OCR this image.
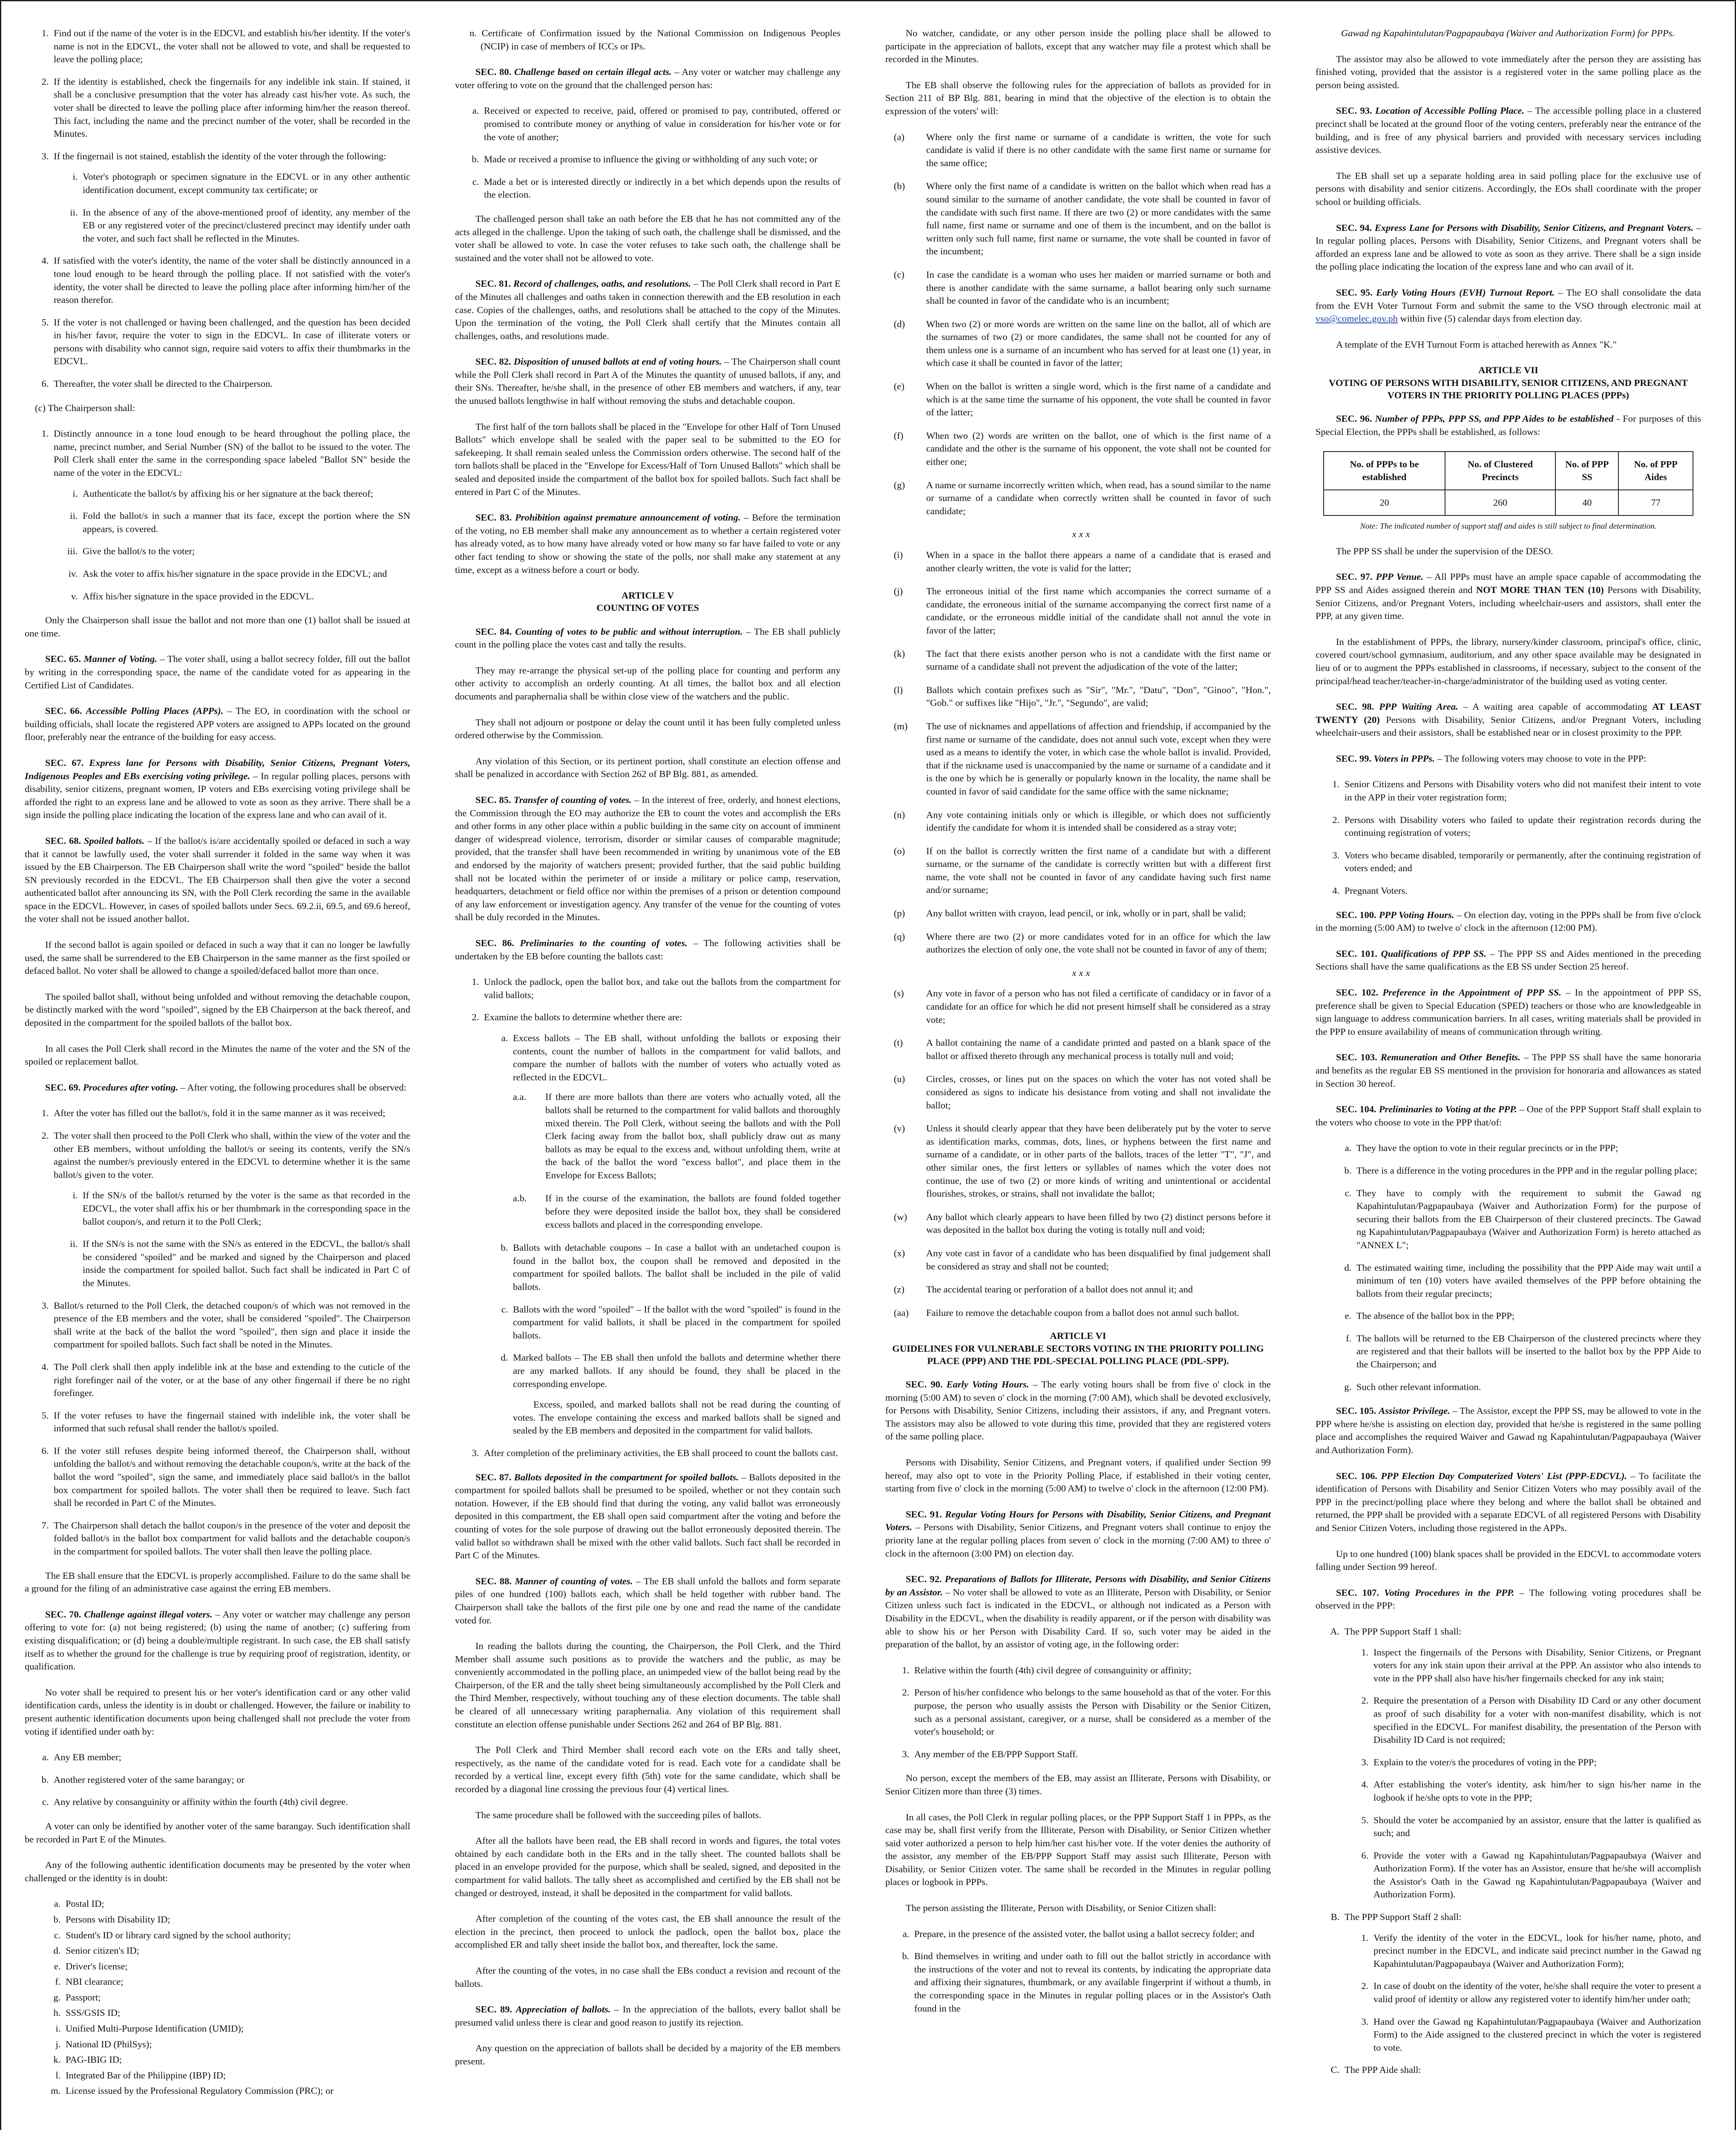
1. Find out if the name of the voter is in the EDCVL and establish his/her identity. If the voter's name is not in the EDCVL, the voter shall not be allowed to vote, and shall be requested to leave the polling place;
2. If the identity is established, check the fingernails for any indelible ink stain. If stained, it shall be a conclusive presumption that the voter has already cast his/her vote. As such, the voter shall be directed to leave the polling place after informing him/her the reason thereof. This fact, including the name and the precinct number of the voter, shall be recorded in the Minutes.
3. If the fingernail is not stained, establish the identity of the voter through the following:
i. Voter's photograph or specimen signature in the EDCVL or in any other authentic identification document, except community tax certificate; or
ii. In the absence of any of the above-mentioned proof of identity, any member of the EB or any registered voter of the precinct/clustered precinct may identify under oath the voter, and such fact shall be reflected in the Minutes.
4. If satisfied with the voter's identity, the name of the voter shall be distinctly announced in a tone loud enough to be heard through the polling place. If not satisfied with the voter's identity, the voter shall be directed to leave the polling place after informing him/her of the reason therefor.
5. If the voter is not challenged or having been challenged, and the question has been decided in his/her favor, require the voter to sign in the EDCVL. In case of illiterate voters or persons with disability who cannot sign, require said voters to affix their thumbmarks in the EDCVL.
6. Thereafter, the voter shall be directed to the Chairperson.

(c) The Chairperson shall:

1. Distinctly announce in a tone loud enough to be heard throughout the polling place, the name, precinct number, and Serial Number (SN) of the ballot to be issued to the voter. The Poll Clerk shall enter the same in the corresponding space labeled "Ballot SN" beside the name of the voter in the EDCVL:
i. Authenticate the ballot/s by affixing his or her signature at the back thereof;
ii. Fold the ballot/s in such a manner that its face, except the portion where the SN appears, is covered.
iii. Give the ballot/s to the voter;
iv. Ask the voter to affix his/her signature in the space provide in the EDCVL; and
v. Affix his/her signature in the space provided in the EDCVL.

Only the Chairperson shall issue the ballot and not more than one (1) ballot shall be issued at one time.

SEC. 65. Manner of Voting. – The voter shall, using a ballot secrecy folder, fill out the ballot by writing in the corresponding space, the name of the candidate voted for as appearing in the Certified List of Candidates.

SEC. 66. Accessible Polling Places (APPs). – The EO, in coordination with the school or building officials, shall locate the registered APP voters are assigned to APPs located on the ground floor, preferably near the entrance of the building for easy access.

SEC. 67. Express lane for Persons with Disability, Senior Citizens, Pregnant Voters, Indigenous Peoples and EBs exercising voting privilege. – In regular polling places, persons with disability, senior citizens, pregnant women, IP voters and EBs exercising voting privilege shall be afforded the right to an express lane and be allowed to vote as soon as they arrive. There shall be a sign inside the polling place indicating the location of the express lane and who can avail of it.

SEC. 68. Spoiled ballots. – If the ballot/s is/are accidentally spoiled or defaced in such a way that it cannot be lawfully used, the voter shall surrender it folded in the same way when it was issued by the EB Chairperson. The EB Chairperson shall write the word "spoiled" beside the ballot SN previously recorded in the EDCVL. The EB Chairperson shall then give the voter a second authenticated ballot after announcing its SN, with the Poll Clerk recording the same in the available space in the EDCVL. However, in cases of spoiled ballots under Secs. 69.2.ii, 69.5, and 69.6 hereof, the voter shall not be issued another ballot.

If the second ballot is again spoiled or defaced in such a way that it can no longer be lawfully used, the same shall be surrendered to the EB Chairperson in the same manner as the first spoiled or defaced ballot. No voter shall be allowed to change a spoiled/defaced ballot more than once.

The spoiled ballot shall, without being unfolded and without removing the detachable coupon, be distinctly marked with the word "spoiled", signed by the EB Chairperson at the back thereof, and deposited in the compartment for the spoiled ballots of the ballot box.

In all cases the Poll Clerk shall record in the Minutes the name of the voter and the SN of the spoiled or replacement ballot.

SEC. 69. Procedures after voting. – After voting, the following procedures shall be observed:

1. After the voter has filled out the ballot/s, fold it in the same manner as it was received;
2. The voter shall then proceed to the Poll Clerk who shall, within the view of the voter and the other EB members, without unfolding the ballot/s or seeing its contents, verify the SN/s against the number/s previously entered in the EDCVL to determine whether it is the same ballot/s given to the voter.
i. If the SN/s of the ballot/s returned by the voter is the same as that recorded in the EDCVL, the voter shall affix his or her thumbmark in the corresponding space in the ballot coupon/s, and return it to the Poll Clerk;
ii. If the SN/s is not the same with the SN/s as entered in the EDCVL, the ballot/s shall be considered "spoiled" and be marked and signed by the Chairperson and placed inside the compartment for spoiled ballot. Such fact shall be indicated in Part C of the Minutes.
3. Ballot/s returned to the Poll Clerk, the detached coupon/s of which was not removed in the presence of the EB members and the voter, shall be considered "spoiled". The Chairperson shall write at the back of the ballot the word "spoiled", then sign and place it inside the compartment for spoiled ballots. Such fact shall be noted in the Minutes.
4. The Poll clerk shall then apply indelible ink at the base and extending to the cuticle of the right forefinger nail of the voter, or at the base of any other fingernail if there be no right forefinger.
5. If the voter refuses to have the fingernail stained with indelible ink, the voter shall be informed that such refusal shall render the ballot/s spoiled.
6. If the voter still refuses despite being informed thereof, the Chairperson shall, without unfolding the ballot/s and without removing the detachable coupon/s, write at the back of the ballot the word "spoiled", sign the same, and immediately place said ballot/s in the ballot box compartment for spoiled ballots. The voter shall then be required to leave. Such fact shall be recorded in Part C of the Minutes.
7. The Chairperson shall detach the ballot coupon/s in the presence of the voter and deposit the folded ballot/s in the ballot box compartment for valid ballots and the detachable coupon/s in the compartment for spoiled ballots. The voter shall then leave the polling place.

The EB shall ensure that the EDCVL is properly accomplished. Failure to do the same shall be a ground for the filing of an administrative case against the erring EB members.

SEC. 70. Challenge against illegal voters. – Any voter or watcher may challenge any person offering to vote for: (a) not being registered; (b) using the name of another; (c) suffering from existing disqualification; or (d) being a double/multiple registrant. In such case, the EB shall satisfy itself as to whether the ground for the challenge is true by requiring proof of registration, identity, or qualification.

No voter shall be required to present his or her voter's identification card or any other valid identification cards, unless the identity is in doubt or challenged. However, the failure or inability to present authentic identification documents upon being challenged shall not preclude the voter from voting if identified under oath by:

a. Any EB member;
b. Another registered voter of the same barangay; or
c. Any relative by consanguinity or affinity within the fourth (4th) civil degree.

A voter can only be identified by another voter of the same barangay. Such identification shall be recorded in Part E of the Minutes.

Any of the following authentic identification documents may be presented by the voter when challenged or the identity is in doubt:

a. Postal ID;
b. Persons with Disability ID;
c. Student's ID or library card signed by the school authority;
d. Senior citizen's ID;
e. Driver's license;
f. NBI clearance;
g. Passport;
h. SSS/GSIS ID;
i. Unified Multi-Purpose Identification (UMID);
j. National ID (PhilSys);
k. PAG-IBIG ID;
l. Integrated Bar of the Philippine (IBP) ID;
m. License issued by the Professional Regulatory Commission (PRC); or

n. Certificate of Confirmation issued by the National Commission on Indigenous Peoples (NCIP) in case of members of ICCs or IPs.

SEC. 80. Challenge based on certain illegal acts. – Any voter or watcher may challenge any voter offering to vote on the ground that the challenged person has:

a. Received or expected to receive, paid, offered or promised to pay, contributed, offered or promised to contribute money or anything of value in consideration for his/her vote or for the vote of another;
b. Made or received a promise to influence the giving or withholding of any such vote; or
c. Made a bet or is interested directly or indirectly in a bet which depends upon the results of the election.

The challenged person shall take an oath before the EB that he has not committed any of the acts alleged in the challenge. Upon the taking of such oath, the challenge shall be dismissed, and the voter shall be allowed to vote. In case the voter refuses to take such oath, the challenge shall be sustained and the voter shall not be allowed to vote.

SEC. 81. Record of challenges, oaths, and resolutions. – The Poll Clerk shall record in Part E of the Minutes all challenges and oaths taken in connection therewith and the EB resolution in each case. Copies of the challenges, oaths, and resolutions shall be attached to the copy of the Minutes. Upon the termination of the voting, the Poll Clerk shall certify that the Minutes contain all challenges, oaths, and resolutions made.

SEC. 82. Disposition of unused ballots at end of voting hours. – The Chairperson shall count while the Poll Clerk shall record in Part A of the Minutes the quantity of unused ballots, if any, and their SNs. Thereafter, he/she shall, in the presence of other EB members and watchers, if any, tear the unused ballots lengthwise in half without removing the stubs and detachable coupon.

The first half of the torn ballots shall be placed in the "Envelope for other Half of Torn Unused Ballots" which envelope shall be sealed with the paper seal to be submitted to the EO for safekeeping. It shall remain sealed unless the Commission orders otherwise. The second half of the torn ballots shall be placed in the "Envelope for Excess/Half of Torn Unused Ballots" which shall be sealed and deposited inside the compartment of the ballot box for spoiled ballots. Such fact shall be entered in Part C of the Minutes.

SEC. 83. Prohibition against premature announcement of voting. – Before the termination of the voting, no EB member shall make any announcement as to whether a certain registered voter has already voted, as to how many have already voted or how many so far have failed to vote or any other fact tending to show or showing the state of the polls, nor shall make any statement at any time, except as a witness before a court or body.

ARTICLE V
COUNTING OF VOTES

SEC. 84. Counting of votes to be public and without interruption. – The EB shall publicly count in the polling place the votes cast and tally the results.

They may re-arrange the physical set-up of the polling place for counting and perform any other activity to accomplish an orderly counting. At all times, the ballot box and all election documents and paraphernalia shall be within close view of the watchers and the public.

They shall not adjourn or postpone or delay the count until it has been fully completed unless ordered otherwise by the Commission.

Any violation of this Section, or its pertinent portion, shall constitute an election offense and shall be penalized in accordance with Section 262 of BP Blg. 881, as amended.

SEC. 85. Transfer of counting of votes. – In the interest of free, orderly, and honest elections, the Commission through the EO may authorize the EB to count the votes and accomplish the ERs and other forms in any other place within a public building in the same city on account of imminent danger of widespread violence, terrorism, disorder or similar causes of comparable magnitude; provided, that the transfer shall have been recommended in writing by unanimous vote of the EB and endorsed by the majority of watchers present; provided further, that the said public building shall not be located within the perimeter of or inside a military or police camp, reservation, headquarters, detachment or field office nor within the premises of a prison or detention compound of any law enforcement or investigation agency. Any transfer of the venue for the counting of votes shall be duly recorded in the Minutes.

SEC. 86. Preliminaries to the counting of votes. – The following activities shall be undertaken by the EB before counting the ballots cast:

1. Unlock the padlock, open the ballot box, and take out the ballots from the compartment for valid ballots;
2. Examine the ballots to determine whether there are:
a. Excess ballots – The EB shall, without unfolding the ballots or exposing their contents, count the number of ballots in the compartment for valid ballots, and compare the number of ballots with the number of voters who actually voted as reflected in the EDCVL.
a.a.	If there are more ballots than there are voters who actually voted, all the ballots shall be returned to the compartment for valid ballots and thoroughly mixed therein. The Poll Clerk, without seeing the ballots and with the Poll Clerk facing away from the ballot box, shall publicly draw out as many ballots as may be equal to the excess and, without unfolding them, write at the back of the ballot the word "excess ballot", and place them in the Envelope for Excess Ballots;
a.b.	If in the course of the examination, the ballots are found folded together before they were deposited inside the ballot box, they shall be considered excess ballots and placed in the corresponding envelope.
b. Ballots with detachable coupons – In case a ballot with an undetached coupon is found in the ballot box, the coupon shall be removed and deposited in the compartment for spoiled ballots. The ballot shall be included in the pile of valid ballots.
c. Ballots with the word "spoiled" – If the ballot with the word "spoiled" is found in the compartment for valid ballots, it shall be placed in the compartment for spoiled ballots.
d. Marked ballots – The EB shall then unfold the ballots and determine whether there are any marked ballots. If any should be found, they shall be placed in the corresponding envelope.

Excess, spoiled, and marked ballots shall not be read during the counting of votes. The envelope containing the excess and marked ballots shall be signed and sealed by the EB members and deposited in the compartment for valid ballots.

3. After completion of the preliminary activities, the EB shall proceed to count the ballots cast.

SEC. 87. Ballots deposited in the compartment for spoiled ballots. – Ballots deposited in the compartment for spoiled ballots shall be presumed to be spoiled, whether or not they contain such notation. However, if the EB should find that during the voting, any valid ballot was erroneously deposited in this compartment, the EB shall open said compartment after the voting and before the counting of votes for the sole purpose of drawing out the ballot erroneously deposited therein. The valid ballot so withdrawn shall be mixed with the other valid ballots. Such fact shall be recorded in Part C of the Minutes.

SEC. 88. Manner of counting of votes. – The EB shall unfold the ballots and form separate piles of one hundred (100) ballots each, which shall be held together with rubber band. The Chairperson shall take the ballots of the first pile one by one and read the name of the candidate voted for.

In reading the ballots during the counting, the Chairperson, the Poll Clerk, and the Third Member shall assume such positions as to provide the watchers and the public, as may be conveniently accommodated in the polling place, an unimpeded view of the ballot being read by the Chairperson, of the ER and the tally sheet being simultaneously accomplished by the Poll Clerk and the Third Member, respectively, without touching any of these election documents. The table shall be cleared of all unnecessary writing paraphernalia. Any violation of this requirement shall constitute an election offense punishable under Sections 262 and 264 of BP Blg. 881.

The Poll Clerk and Third Member shall record each vote on the ERs and tally sheet, respectively, as the name of the candidate voted for is read. Each vote for a candidate shall be recorded by a vertical line, except every fifth (5th) vote for the same candidate, which shall be recorded by a diagonal line crossing the previous four (4) vertical lines.

The same procedure shall be followed with the succeeding piles of ballots.

After all the ballots have been read, the EB shall record in words and figures, the total votes obtained by each candidate both in the ERs and in the tally sheet. The counted ballots shall be placed in an envelope provided for the purpose, which shall be sealed, signed, and deposited in the compartment for valid ballots. The tally sheet as accomplished and certified by the EB shall not be changed or destroyed, instead, it shall be deposited in the compartment for valid ballots.

After completion of the counting of the votes cast, the EB shall announce the result of the election in the precinct, then proceed to unlock the padlock, open the ballot box, place the accomplished ER and tally sheet inside the ballot box, and thereafter, lock the same.

After the counting of the votes, in no case shall the EBs conduct a revision and recount of the ballots.

SEC. 89. Appreciation of ballots. – In the appreciation of the ballots, every ballot shall be presumed valid unless there is clear and good reason to justify its rejection.

Any question on the appreciation of ballots shall be decided by a majority of the EB members present.

No watcher, candidate, or any other person inside the polling place shall be allowed to participate in the appreciation of ballots, except that any watcher may file a protest which shall be recorded in the Minutes.

The EB shall observe the following rules for the appreciation of ballots as provided for in Section 211 of BP Blg. 881, bearing in mind that the objective of the election is to obtain the expression of the voters' will:

(a)	Where only the first name or surname of a candidate is written, the vote for such candidate is valid if there is no other candidate with the same first name or surname for the same office;
(b)	Where only the first name of a candidate is written on the ballot which when read has a sound similar to the surname of another candidate, the vote shall be counted in favor of the candidate with such first name. If there are two (2) or more candidates with the same full name, first name or surname and one of them is the incumbent, and on the ballot is written only such full name, first name or surname, the vote shall be counted in favor of the incumbent;
(c)	In case the candidate is a woman who uses her maiden or married surname or both and there is another candidate with the same surname, a ballot bearing only such surname shall be counted in favor of the candidate who is an incumbent;
(d)	When two (2) or more words are written on the same line on the ballot, all of which are the surnames of two (2) or more candidates, the same shall not be counted for any of them unless one is a surname of an incumbent who has served for at least one (1) year, in which case it shall be counted in favor of the latter;
(e)	When on the ballot is written a single word, which is the first name of a candidate and which is at the same time the surname of his opponent, the vote shall be counted in favor of the latter;
(f)	When two (2) words are written on the ballot, one of which is the first name of a candidate and the other is the surname of his opponent, the vote shall not be counted for either one;
(g)	A name or surname incorrectly written which, when read, has a sound similar to the name or surname of a candidate when correctly written shall be counted in favor of such candidate;
xxx
(i)	When in a space in the ballot there appears a name of a candidate that is erased and another clearly written, the vote is valid for the latter;
(j)	The erroneous initial of the first name which accompanies the correct surname of a candidate, the erroneous initial of the surname accompanying the correct first name of a candidate, or the erroneous middle initial of the candidate shall not annul the vote in favor of the latter;
(k)	The fact that there exists another person who is not a candidate with the first name or surname of a candidate shall not prevent the adjudication of the vote of the latter;
(l)	Ballots which contain prefixes such as "Sir", "Mr.", "Datu", "Don", "Ginoo", "Hon.", "Gob." or suffixes like "Hijo", "Jr.", "Segundo", are valid;
(m)	The use of nicknames and appellations of affection and friendship, if accompanied by the first name or surname of the candidate, does not annul such vote, except when they were used as a means to identify the voter, in which case the whole ballot is invalid. Provided, that if the nickname used is unaccompanied by the name or surname of a candidate and it is the one by which he is generally or popularly known in the locality, the name shall be counted in favor of said candidate for the same office with the same nickname;
(n)	Any vote containing initials only or which is illegible, or which does not sufficiently identify the candidate for whom it is intended shall be considered as a stray vote;
(o)	If on the ballot is correctly written the first name of a candidate but with a different surname, or the surname of the candidate is correctly written but with a different first name, the vote shall not be counted in favor of any candidate having such first name and/or surname;
(p)	Any ballot written with crayon, lead pencil, or ink, wholly or in part, shall be valid;
(q)	Where there are two (2) or more candidates voted for in an office for which the law authorizes the election of only one, the vote shall not be counted in favor of any of them;
xxx
(s)	Any vote in favor of a person who has not filed a certificate of candidacy or in favor of a candidate for an office for which he did not present himself shall be considered as a stray vote;
(t)	A ballot containing the name of a candidate printed and pasted on a blank space of the ballot or affixed thereto through any mechanical process is totally null and void;
(u)	Circles, crosses, or lines put on the spaces on which the voter has not voted shall be considered as signs to indicate his desistance from voting and shall not invalidate the ballot;
(v)	Unless it should clearly appear that they have been deliberately put by the voter to serve as identification marks, commas, dots, lines, or hyphens between the first name and surname of a candidate, or in other parts of the ballots, traces of the letter "T", "J", and other similar ones, the first letters or syllables of names which the voter does not continue, the use of two (2) or more kinds of writing and unintentional or accidental flourishes, strokes, or strains, shall not invalidate the ballot;
(w)	Any ballot which clearly appears to have been filled by two (2) distinct persons before it was deposited in the ballot box during the voting is totally null and void;
(x)	Any vote cast in favor of a candidate who has been disqualified by final judgement shall be considered as stray and shall not be counted;
(z)	The accidental tearing or perforation of a ballot does not annul it; and
(aa)	Failure to remove the detachable coupon from a ballot does not annul such ballot.
ARTICLE VI
GUIDELINES FOR VULNERABLE SECTORS VOTING IN THE PRIORITY POLLING PLACE (PPP) AND THE PDL-SPECIAL POLLING PLACE (PDL-SPP).

SEC. 90. Early Voting Hours. – The early voting hours shall be from five o' clock in the morning (5:00 AM) to seven o' clock in the morning (7:00 AM), which shall be devoted exclusively, for Persons with Disability, Senior Citizens, including their assistors, if any, and Pregnant voters. The assistors may also be allowed to vote during this time, provided that they are registered voters of the same polling place.

Persons with Disability, Senior Citizens, and Pregnant voters, if qualified under Section 99 hereof, may also opt to vote in the Priority Polling Place, if established in their voting center, starting from five o' clock in the morning (5:00 AM) to twelve o' clock in the afternoon (12:00 PM).

SEC. 91. Regular Voting Hours for Persons with Disability, Senior Citizens, and Pregnant Voters. – Persons with Disability, Senior Citizens, and Pregnant voters shall continue to enjoy the priority lane at the regular polling places from seven o' clock in the morning (7:00 AM) to three o' clock in the afternoon (3:00 PM) on election day.

SEC. 92. Preparations of Ballots for Illiterate, Persons with Disability, and Senior Citizens by an Assistor. – No voter shall be allowed to vote as an Illiterate, Person with Disability, or Senior Citizen unless such fact is indicated in the EDCVL, or although not indicated as a Person with Disability in the EDCVL, when the disability is readily apparent, or if the person with disability was able to show his or her Person with Disability Card. If so, such voter may be aided in the preparation of the ballot, by an assistor of voting age, in the following order:

1. Relative within the fourth (4th) civil degree of consanguinity or affinity;
2. Person of his/her confidence who belongs to the same household as that of the voter. For this purpose, the person who usually assists the Person with Disability or the Senior Citizen, such as a personal assistant, caregiver, or a nurse, shall be considered as a member of the voter's household; or
3. Any member of the EB/PPP Support Staff.

No person, except the members of the EB, may assist an Illiterate, Persons with Disability, or Senior Citizen more than three (3) times.

In all cases, the Poll Clerk in regular polling places, or the PPP Support Staff 1 in PPPs, as the case may be, shall first verify from the Illiterate, Person with Disability, or Senior Citizen whether said voter authorized a person to help him/her cast his/her vote. If the voter denies the authority of the assistor, any member of the EB/PPP Support Staff may assist such Illiterate, Person with Disability, or Senior Citizen voter. The same shall be recorded in the Minutes in regular polling places or logbook in PPPs.

The person assisting the Illiterate, Person with Disability, or Senior Citizen shall:

a. Prepare, in the presence of the assisted voter, the ballot using a ballot secrecy folder; and
b. Bind themselves in writing and under oath to fill out the ballot strictly in accordance with the instructions of the voter and not to reveal its contents, by indicating the appropriate data and affixing their signatures, thumbmark, or any available fingerprint if without a thumb, in the corresponding space in the Minutes in regular polling places or in the Assistor's Oath found in the

Gawad ng Kapahintulutan/Pagpapaubaya (Waiver and Authorization Form) for PPPs.

The assistor may also be allowed to vote immediately after the person they are assisting has finished voting, provided that the assistor is a registered voter in the same polling place as the person being assisted.

SEC. 93. Location of Accessible Polling Place. – The accessible polling place in a clustered precinct shall be located at the ground floor of the voting centers, preferably near the entrance of the building, and is free of any physical barriers and provided with necessary services including assistive devices.

The EB shall set up a separate holding area in said polling place for the exclusive use of persons with disability and senior citizens. Accordingly, the EOs shall coordinate with the proper school or building officials.

SEC. 94. Express Lane for Persons with Disability, Senior Citizens, and Pregnant Voters. – In regular polling places, Persons with Disability, Senior Citizens, and Pregnant voters shall be afforded an express lane and be allowed to vote as soon as they arrive. There shall be a sign inside the polling place indicating the location of the express lane and who can avail of it.

SEC. 95. Early Voting Hours (EVH) Turnout Report. – The EO shall consolidate the data from the EVH Voter Turnout Form and submit the same to the VSO through electronic mail at vso@comelec.gov.ph within five (5) calendar days from election day.

A template of the EVH Turnout Form is attached herewith as Annex "K."

ARTICLE VII
VOTING OF PERSONS WITH DISABILITY, SENIOR CITIZENS, AND PREGNANT VOTERS IN THE PRIORITY POLLING PLACES (PPPs)

SEC. 96. Number of PPPs, PPP SS, and PPP Aides to be established - For purposes of this Special Election, the PPPs shall be established, as follows:

No. of PPPs to be established	No. of Clustered Precincts	No. of PPP SS	No. of PPP Aides
20	260	40	77
Note: The indicated number of support staff and aides is still subject to final determination.

The PPP SS shall be under the supervision of the DESO.

SEC. 97. PPP Venue. – All PPPs must have an ample space capable of accommodating the PPP SS and Aides assigned therein and NOT MORE THAN TEN (10) Persons with Disability, Senior Citizens, and/or Pregnant Voters, including wheelchair-users and assistors, shall enter the PPP, at any given time.

In the establishment of PPPs, the library, nursery/kinder classroom, principal's office, clinic, covered court/school gymnasium, auditorium, and any other space available may be designated in lieu of or to augment the PPPs established in classrooms, if necessary, subject to the consent of the principal/head teacher/teacher-in-charge/administrator of the building used as voting center.

SEC. 98. PPP Waiting Area. – A waiting area capable of accommodating AT LEAST TWENTY (20) Persons with Disability, Senior Citizens, and/or Pregnant Voters, including wheelchair-users and their assistors, shall be established near or in closest proximity to the PPP.

SEC. 99. Voters in PPPs. – The following voters may choose to vote in the PPP:

1. Senior Citizens and Persons with Disability voters who did not manifest their intent to vote in the APP in their voter registration form;
2. Persons with Disability voters who failed to update their registration records during the continuing registration of voters;
3. Voters who became disabled, temporarily or permanently, after the continuing registration of voters ended; and
4. Pregnant Voters.

SEC. 100. PPP Voting Hours. – On election day, voting in the PPPs shall be from five o'clock in the morning (5:00 AM) to twelve o' clock in the afternoon (12:00 PM).

SEC. 101. Qualifications of PPP SS. – The PPP SS and Aides mentioned in the preceding Sections shall have the same qualifications as the EB SS under Section 25 hereof.

SEC. 102. Preference in the Appointment of PPP SS. – In the appointment of PPP SS, preference shall be given to Special Education (SPED) teachers or those who are knowledgeable in sign language to address communication barriers. In all cases, writing materials shall be provided in the PPP to ensure availability of means of communication through writing.

SEC. 103. Remuneration and Other Benefits. – The PPP SS shall have the same honoraria and benefits as the regular EB SS mentioned in the provision for honoraria and allowances as stated in Section 30 hereof.

SEC. 104. Preliminaries to Voting at the PPP. – One of the PPP Support Staff shall explain to the voters who choose to vote in the PPP that/of:

a. They have the option to vote in their regular precincts or in the PPP;
b. There is a difference in the voting procedures in the PPP and in the regular polling place;
c. They have to comply with the requirement to submit the Gawad ng Kapahintulutan/Pagpapaubaya (Waiver and Authorization Form) for the purpose of securing their ballots from the EB Chairperson of their clustered precincts. The Gawad ng Kapahintulutan/Pagpapaubaya (Waiver and Authorization Form) is hereto attached as "ANNEX L";
d. The estimated waiting time, including the possibility that the PPP Aide may wait until a minimum of ten (10) voters have availed themselves of the PPP before obtaining the ballots from their regular precincts;
e. The absence of the ballot box in the PPP;
f. The ballots will be returned to the EB Chairperson of the clustered precincts where they are registered and that their ballots will be inserted to the ballot box by the PPP Aide to the Chairperson; and
g. Such other relevant information.

SEC. 105. Assistor Privilege. – The Assistor, except the PPP SS, may be allowed to vote in the PPP where he/she is assisting on election day, provided that he/she is registered in the same polling place and accomplishes the required Waiver and Gawad ng Kapahintulutan/Pagpapaubaya (Waiver and Authorization Form).

SEC. 106. PPP Election Day Computerized Voters' List (PPP-EDCVL). – To facilitate the identification of Persons with Disability and Senior Citizen Voters who may possibly avail of the PPP in the precinct/polling place where they belong and where the ballot shall be obtained and returned, the PPP shall be provided with a separate EDCVL of all registered Persons with Disability and Senior Citizen Voters, including those registered in the APPs.

Up to one hundred (100) blank spaces shall be provided in the EDCVL to accommodate voters falling under Section 99 hereof.

SEC. 107. Voting Procedures in the PPP. – The following voting procedures shall be observed in the PPP:

A. The PPP Support Staff 1 shall:
1. Inspect the fingernails of the Persons with Disability, Senior Citizens, or Pregnant voters for any ink stain upon their arrival at the PPP. An assistor who also intends to vote in the PPP shall also have his/her fingernails checked for any ink stain;
2. Require the presentation of a Person with Disability ID Card or any other document as proof of such disability for a voter with non-manifest disability, which is not specified in the EDCVL. For manifest disability, the presentation of the Person with Disability ID Card is not required;
3. Explain to the voter/s the procedures of voting in the PPP;
4. After establishing the voter's identity, ask him/her to sign his/her name in the logbook if he/she opts to vote in the PPP;
5. Should the voter be accompanied by an assistor, ensure that the latter is qualified as such; and
6. Provide the voter with a Gawad ng Kapahintulutan/Pagpapaubaya (Waiver and Authorization Form). If the voter has an Assistor, ensure that he/she will accomplish the Assistor's Oath in the Gawad ng Kapahintulutan/Pagpapaubaya (Waiver and Authorization Form).
B. The PPP Support Staff 2 shall:
1. Verify the identity of the voter in the EDCVL, look for his/her name, photo, and precinct number in the EDCVL, and indicate said precinct number in the Gawad ng Kapahintulutan/Pagpapaubaya (Waiver and Authorization Form);
2. In case of doubt on the identity of the voter, he/she shall require the voter to present a valid proof of identity or allow any registered voter to identify him/her under oath;
3. Hand over the Gawad ng Kapahintulutan/Pagpapaubaya (Waiver and Authorization Form) to the Aide assigned to the clustered precinct in which the voter is registered to vote.
C. The PPP Aide shall:
